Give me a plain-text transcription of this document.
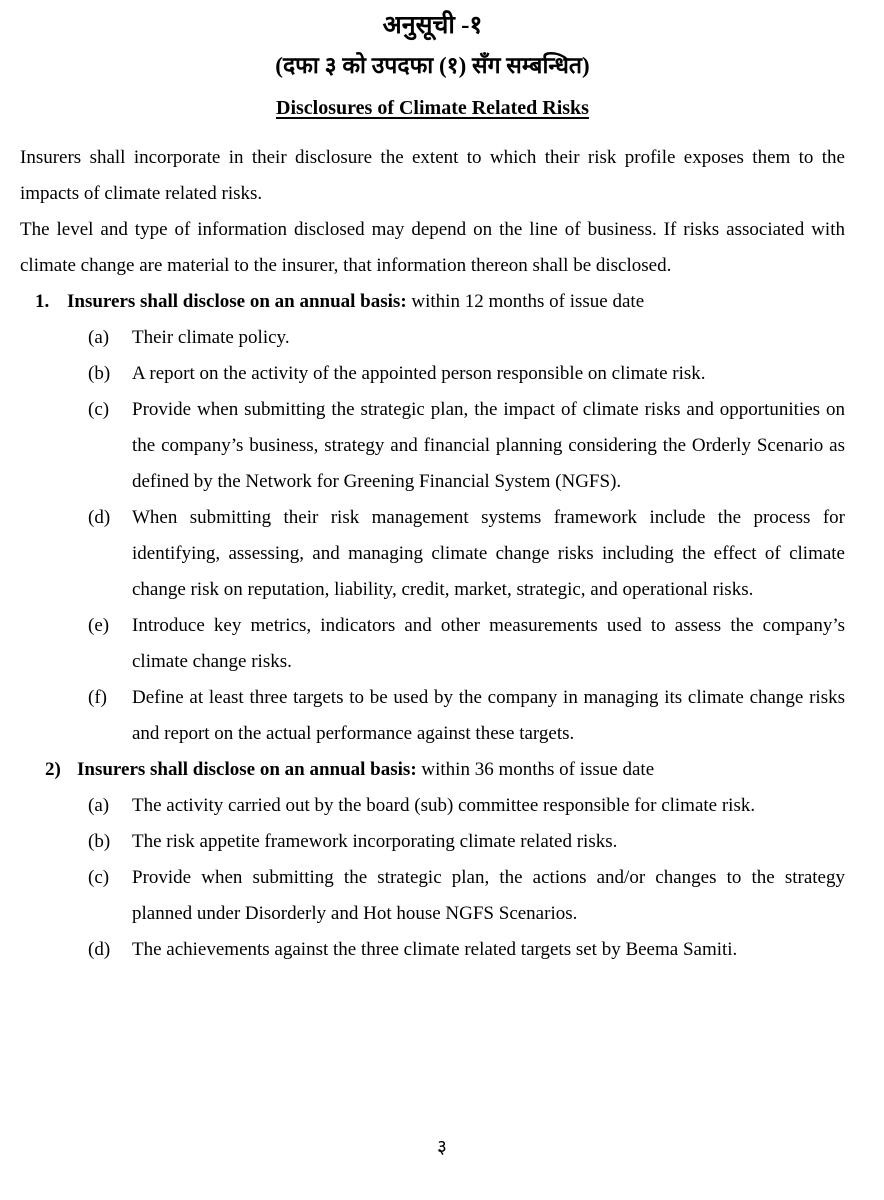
अनुसूची -१
(दफा ३ को उपदफा (१) सँग सम्बन्धित)
Disclosures of Climate Related Risks

Insurers shall incorporate in their disclosure the extent to which their risk profile exposes them to the impacts of climate related risks.

The level and type of information disclosed may depend on the line of business. If risks associated with climate change are material to the insurer, that information thereon shall be disclosed.

1. Insurers shall disclose on an annual basis: within 12 months of issue date
(a) Their climate policy.
(b) A report on the activity of the appointed person responsible on climate risk.
(c) Provide when submitting the strategic plan, the impact of climate risks and opportunities on the company’s business, strategy and financial planning considering the Orderly Scenario as defined by the Network for Greening Financial System (NGFS).
(d) When submitting their risk management systems framework include the process for identifying, assessing, and managing climate change risks including the effect of climate change risk on reputation, liability, credit, market, strategic, and operational risks.
(e) Introduce key metrics, indicators and other measurements used to assess the company’s climate change risks.
(f) Define at least three targets to be used by the company in managing its climate change risks and report on the actual performance against these targets.
2) Insurers shall disclose on an annual basis: within 36 months of issue date
(a) The activity carried out by the board (sub) committee responsible for climate risk.
(b) The risk appetite framework incorporating climate related risks.
(c) Provide when submitting the strategic plan, the actions and/or changes to the strategy planned under Disorderly and Hot house NGFS Scenarios.
(d) The achievements against the three climate related targets set by Beema Samiti.
३
